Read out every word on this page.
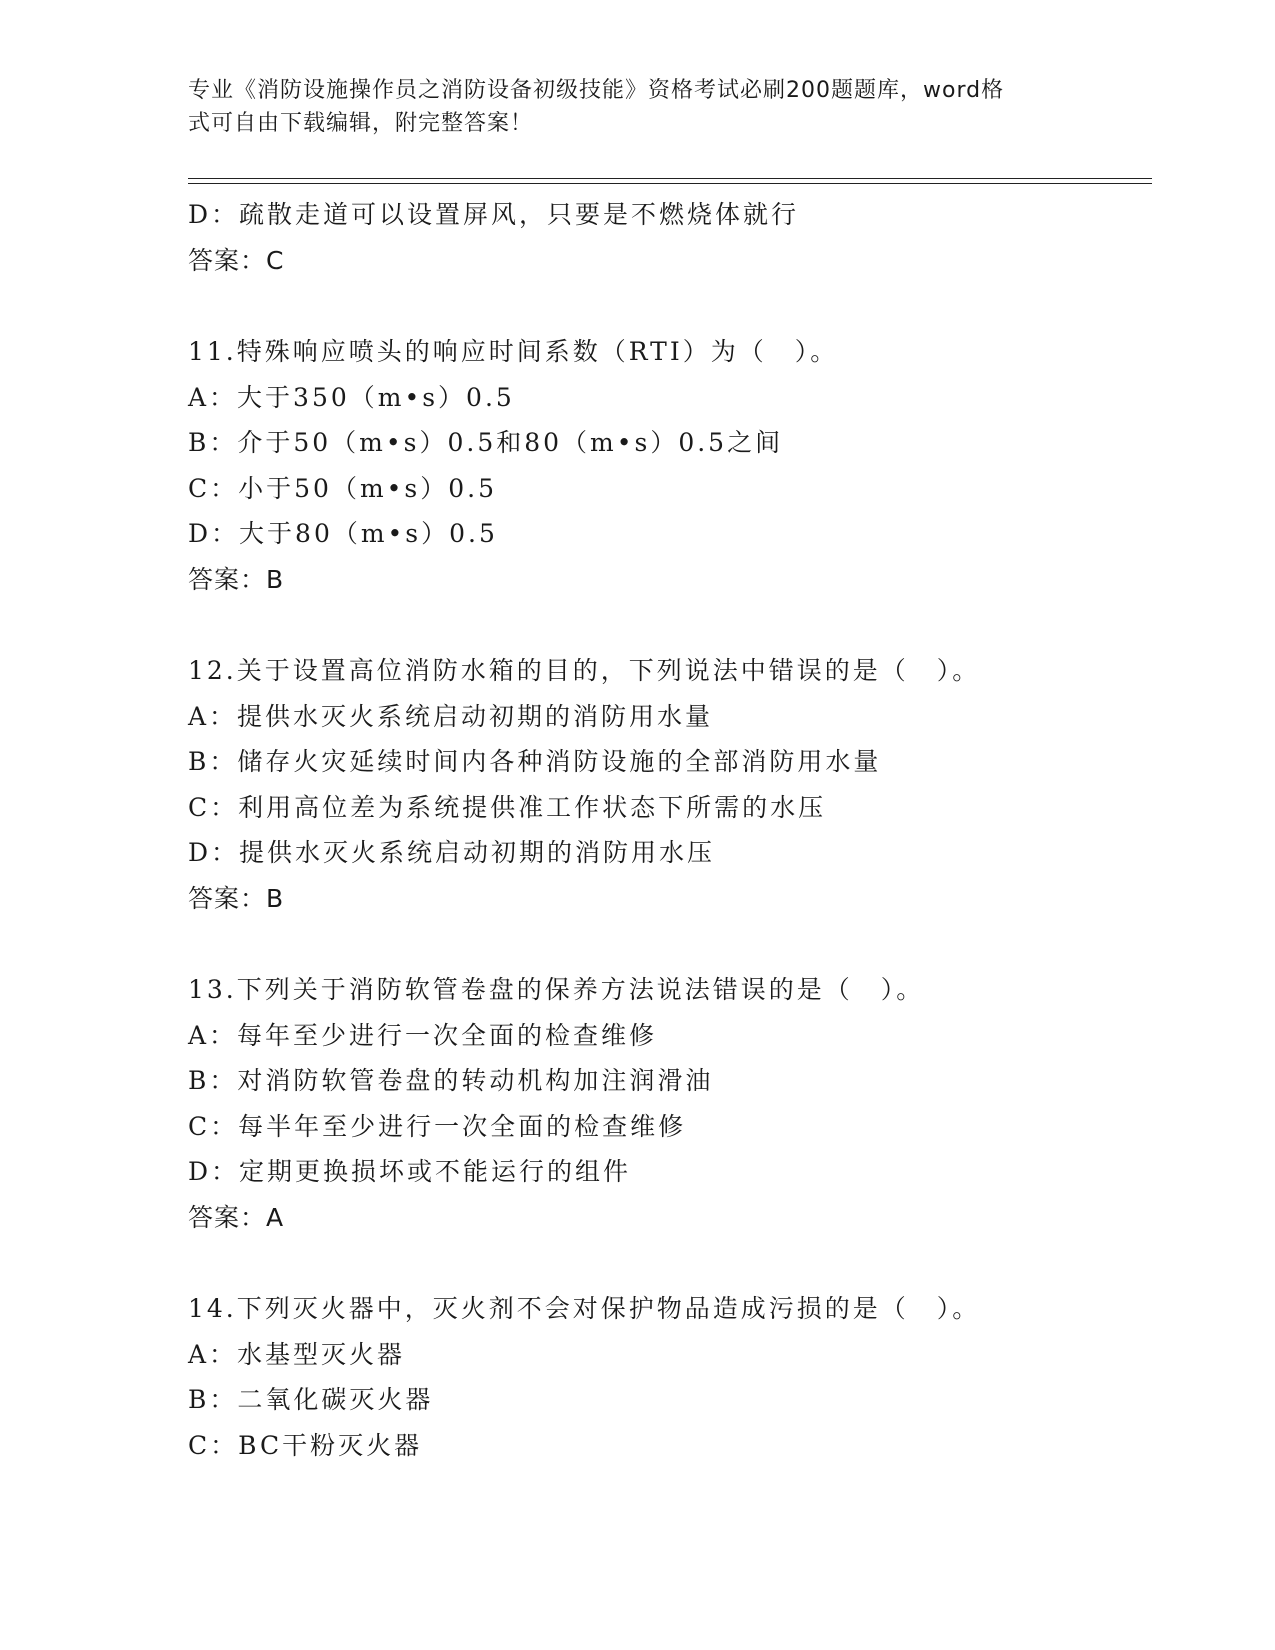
专业《消防设施操作员之消防设备初级技能》资格考试必刷200题题库，word格
式可自由下载编辑，附完整答案！
D：疏散走道可以设置屏风，只要是不燃烧体就行
答案：C
11.特殊响应喷头的响应时间系数（RTI）为（　）。
A：大于350（m•s）0.5
B：介于50（m•s）0.5和80（m•s）0.5之间
C：小于50（m•s）0.5
D：大于80（m•s）0.5
答案：B
12.关于设置高位消防水箱的目的，下列说法中错误的是（　）。
A：提供水灭火系统启动初期的消防用水量
B：储存火灾延续时间内各种消防设施的全部消防用水量
C：利用高位差为系统提供准工作状态下所需的水压
D：提供水灭火系统启动初期的消防用水压
答案：B
13.下列关于消防软管卷盘的保养方法说法错误的是（　）。
A：每年至少进行一次全面的检查维修
B：对消防软管卷盘的转动机构加注润滑油
C：每半年至少进行一次全面的检查维修
D：定期更换损坏或不能运行的组件
答案：A
14.下列灭火器中，灭火剂不会对保护物品造成污损的是（　）。
A：水基型灭火器
B：二氧化碳灭火器
C：BC干粉灭火器
